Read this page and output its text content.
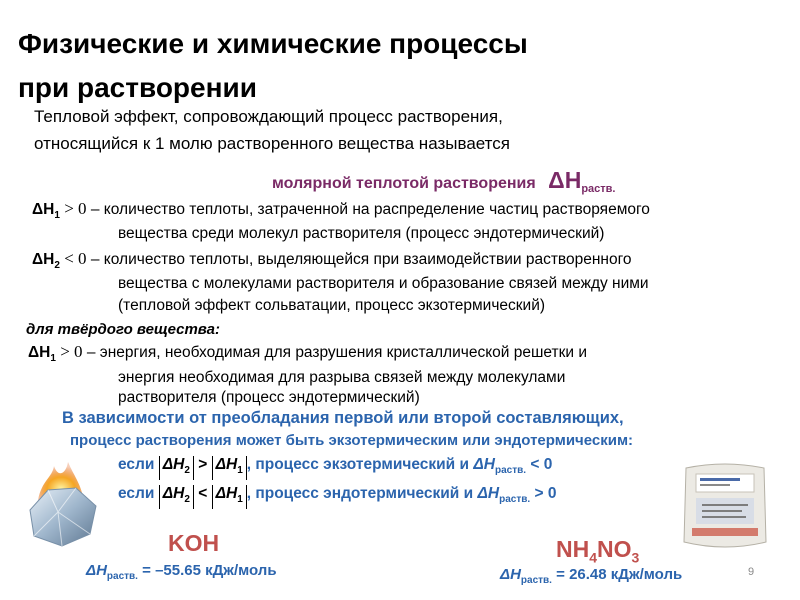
Физические и химические процессы
при растворении
Тепловой эффект, сопровождающий процесс растворения,
относящийся к 1 молю растворенного вещества называется
молярной теплотой растворения $\Delta H_{раств.}$
$\Delta H_1 > 0$ – количество теплоты, затраченной на распределение частиц растворяемого
вещества среди молекул растворителя (процесс эндотермический)
$\Delta H_2 < 0$ – количество теплоты, выделяющейся при взаимодействии растворенного
вещества с молекулами растворителя и образование связей между ними
(тепловой эффект сольватации, процесс экзотермический)
для твёрдого вещества:
$\Delta H_1 > 0$ – энергия, необходимая для разрушения кристаллической решетки и
энергия необходимая для разрыва связей между молекулами
растворителя (процесс эндотермический)
В зависимости от преобладания первой или второй составляющих,
процесс растворения может быть экзотермическим или эндотермическим:
если $\Delta H_2 > \Delta H_1$ , процесс экзотермический и $\Delta H_{раств.} < 0$
если $\Delta H_2 < \Delta H_1$ , процесс эндотермический и $\Delta H_{раств.} > 0$
KOH
$\Delta H_{раств.} = -55.65$ кДж/моль
$NH_4NO_3$
$\Delta H_{раств.} = 26.48$ кДж/моль	9
